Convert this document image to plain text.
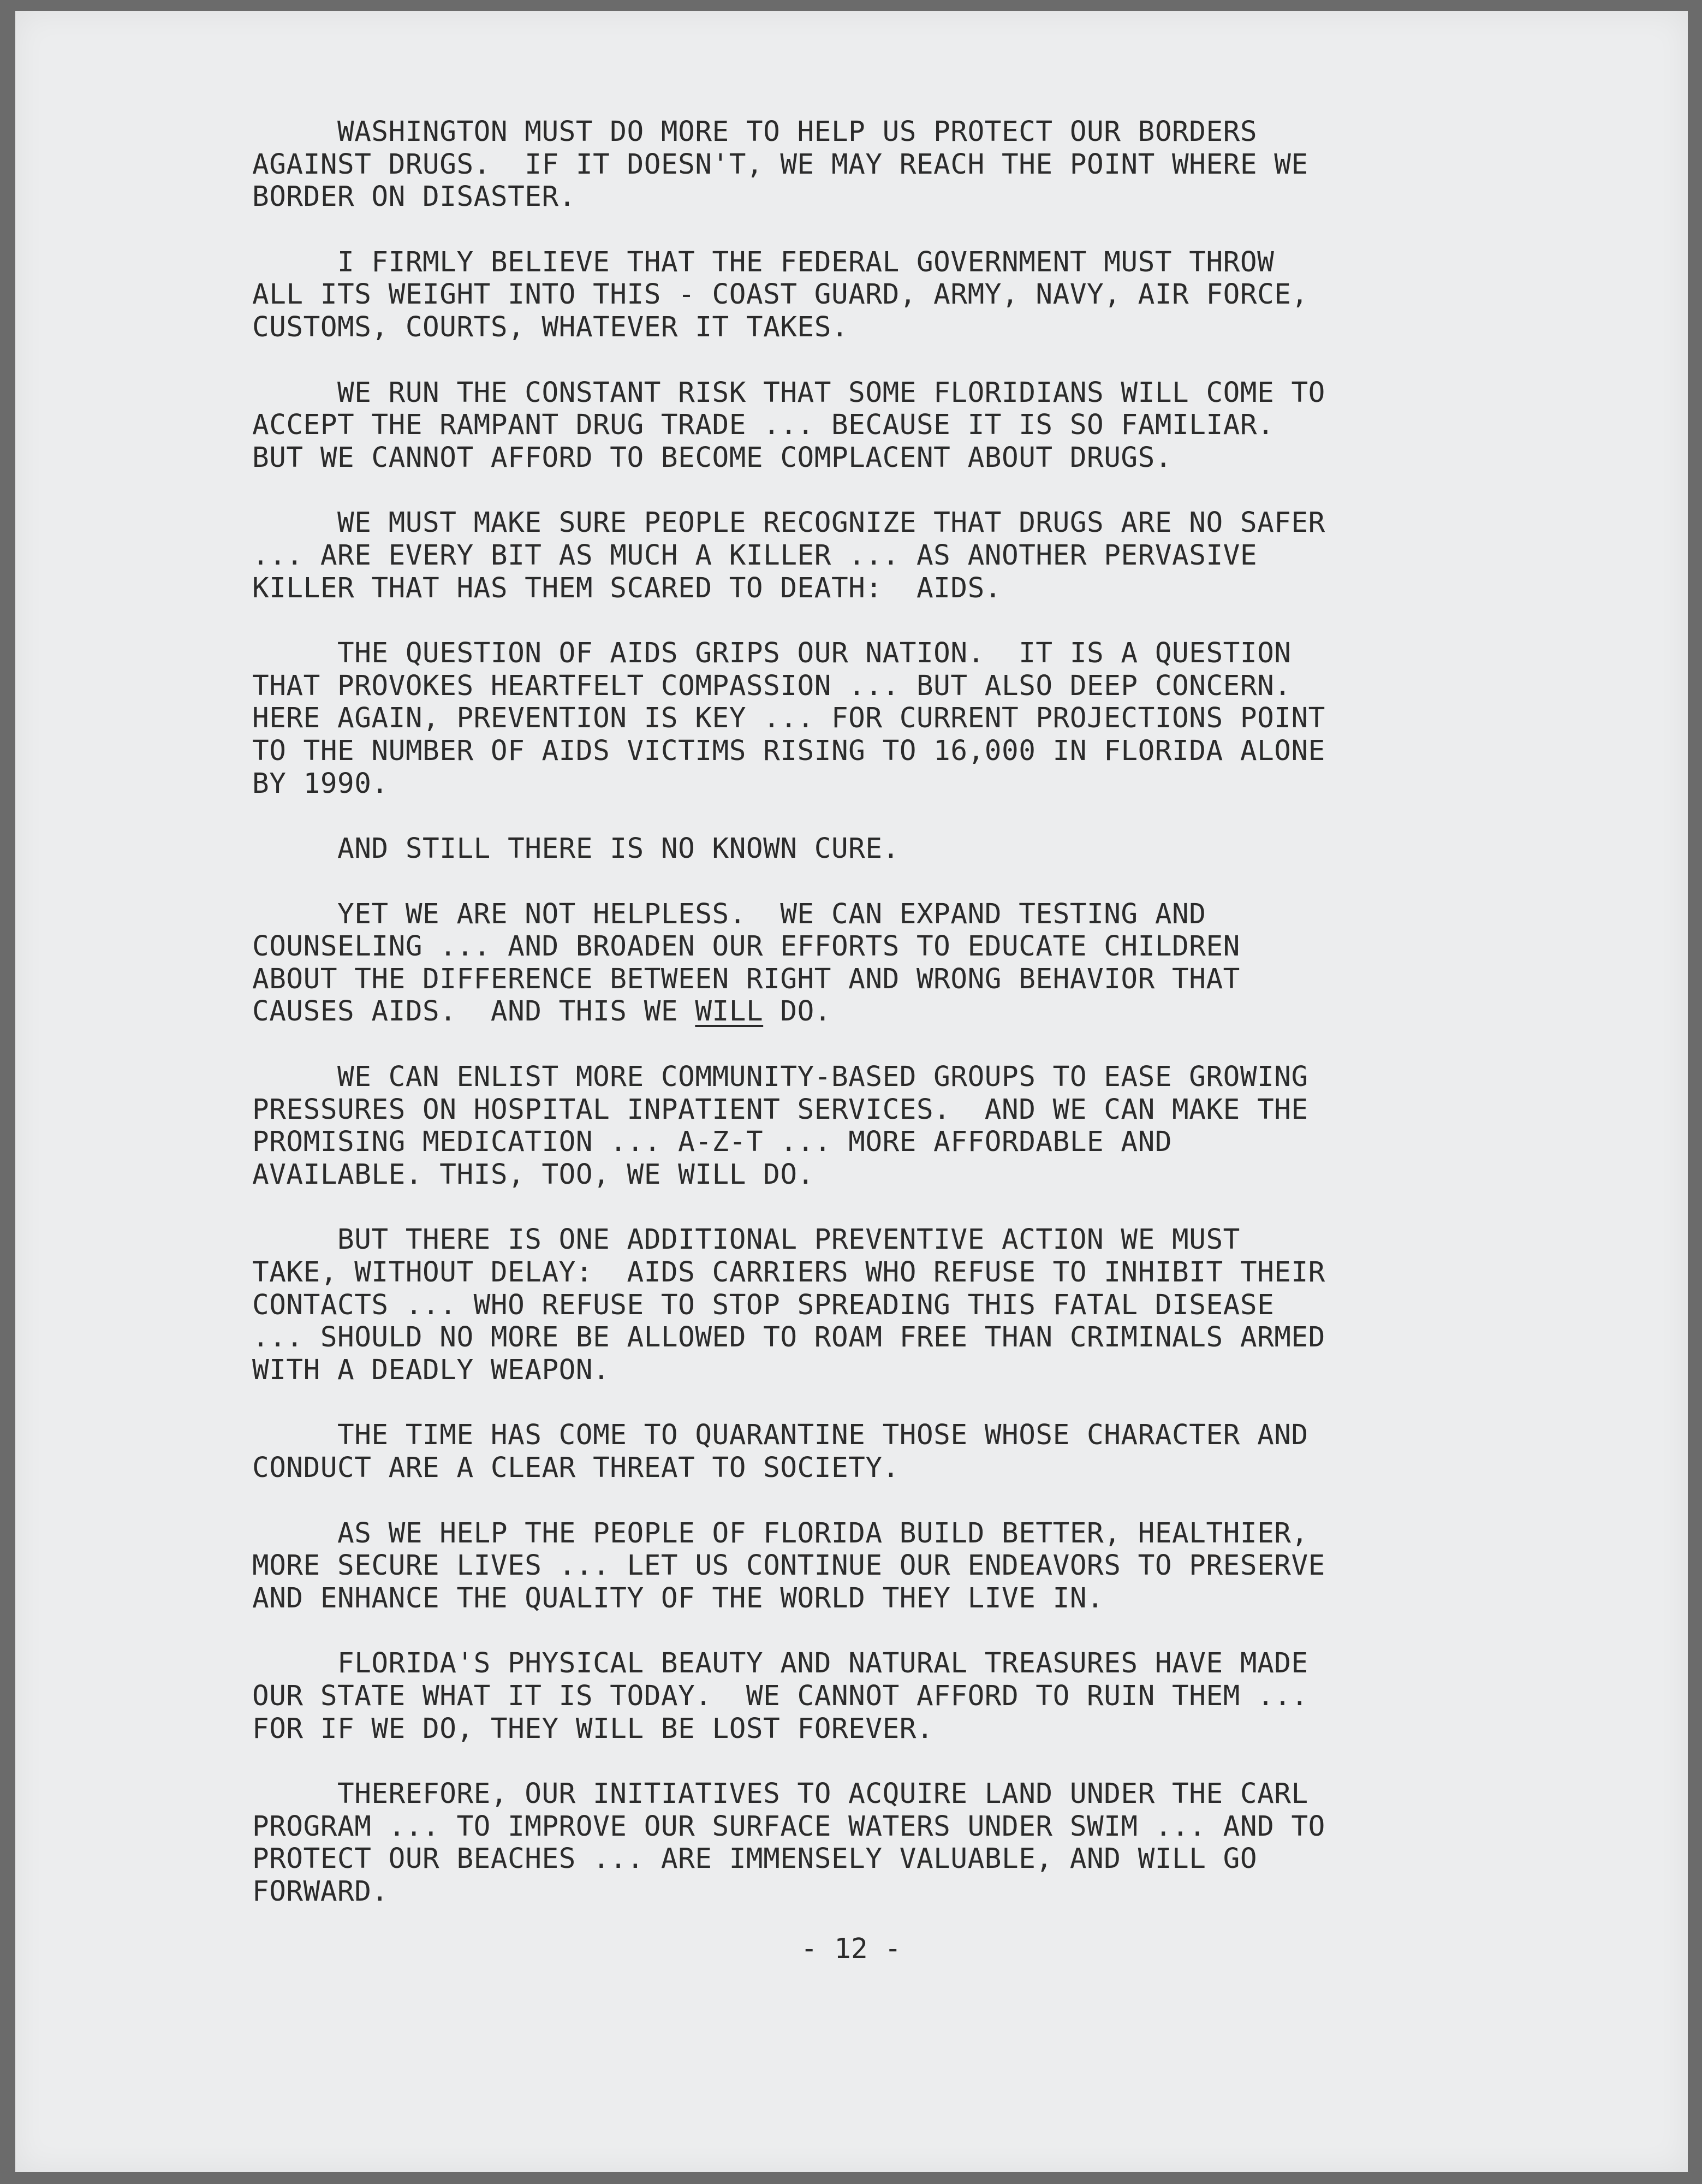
WASHINGTON MUST DO MORE TO HELP US PROTECT OUR BORDERS
AGAINST DRUGS.  IF IT DOESN'T, WE MAY REACH THE POINT WHERE WE
BORDER ON DISASTER.
I FIRMLY BELIEVE THAT THE FEDERAL GOVERNMENT MUST THROW
ALL ITS WEIGHT INTO THIS - COAST GUARD, ARMY, NAVY, AIR FORCE,
CUSTOMS, COURTS, WHATEVER IT TAKES.
WE RUN THE CONSTANT RISK THAT SOME FLORIDIANS WILL COME TO
ACCEPT THE RAMPANT DRUG TRADE ... BECAUSE IT IS SO FAMILIAR.
BUT WE CANNOT AFFORD TO BECOME COMPLACENT ABOUT DRUGS.
WE MUST MAKE SURE PEOPLE RECOGNIZE THAT DRUGS ARE NO SAFER
... ARE EVERY BIT AS MUCH A KILLER ... AS ANOTHER PERVASIVE
KILLER THAT HAS THEM SCARED TO DEATH:  AIDS.
THE QUESTION OF AIDS GRIPS OUR NATION.  IT IS A QUESTION
THAT PROVOKES HEARTFELT COMPASSION ... BUT ALSO DEEP CONCERN.
HERE AGAIN, PREVENTION IS KEY ... FOR CURRENT PROJECTIONS POINT
TO THE NUMBER OF AIDS VICTIMS RISING TO 16,000 IN FLORIDA ALONE
BY 1990.
AND STILL THERE IS NO KNOWN CURE.
YET WE ARE NOT HELPLESS.  WE CAN EXPAND TESTING AND
COUNSELING ... AND BROADEN OUR EFFORTS TO EDUCATE CHILDREN
ABOUT THE DIFFERENCE BETWEEN RIGHT AND WRONG BEHAVIOR THAT
CAUSES AIDS.  AND THIS WE WILL DO.
WE CAN ENLIST MORE COMMUNITY-BASED GROUPS TO EASE GROWING
PRESSURES ON HOSPITAL INPATIENT SERVICES.  AND WE CAN MAKE THE
PROMISING MEDICATION ... A-Z-T ... MORE AFFORDABLE AND
AVAILABLE. THIS, TOO, WE WILL DO.
BUT THERE IS ONE ADDITIONAL PREVENTIVE ACTION WE MUST
TAKE, WITHOUT DELAY:  AIDS CARRIERS WHO REFUSE TO INHIBIT THEIR
CONTACTS ... WHO REFUSE TO STOP SPREADING THIS FATAL DISEASE
... SHOULD NO MORE BE ALLOWED TO ROAM FREE THAN CRIMINALS ARMED
WITH A DEADLY WEAPON.
THE TIME HAS COME TO QUARANTINE THOSE WHOSE CHARACTER AND
CONDUCT ARE A CLEAR THREAT TO SOCIETY.
AS WE HELP THE PEOPLE OF FLORIDA BUILD BETTER, HEALTHIER,
MORE SECURE LIVES ... LET US CONTINUE OUR ENDEAVORS TO PRESERVE
AND ENHANCE THE QUALITY OF THE WORLD THEY LIVE IN.
FLORIDA'S PHYSICAL BEAUTY AND NATURAL TREASURES HAVE MADE
OUR STATE WHAT IT IS TODAY.  WE CANNOT AFFORD TO RUIN THEM ...
FOR IF WE DO, THEY WILL BE LOST FOREVER.
THEREFORE, OUR INITIATIVES TO ACQUIRE LAND UNDER THE CARL
PROGRAM ... TO IMPROVE OUR SURFACE WATERS UNDER SWIM ... AND TO
PROTECT OUR BEACHES ... ARE IMMENSELY VALUABLE, AND WILL GO
FORWARD.
- 12 -
